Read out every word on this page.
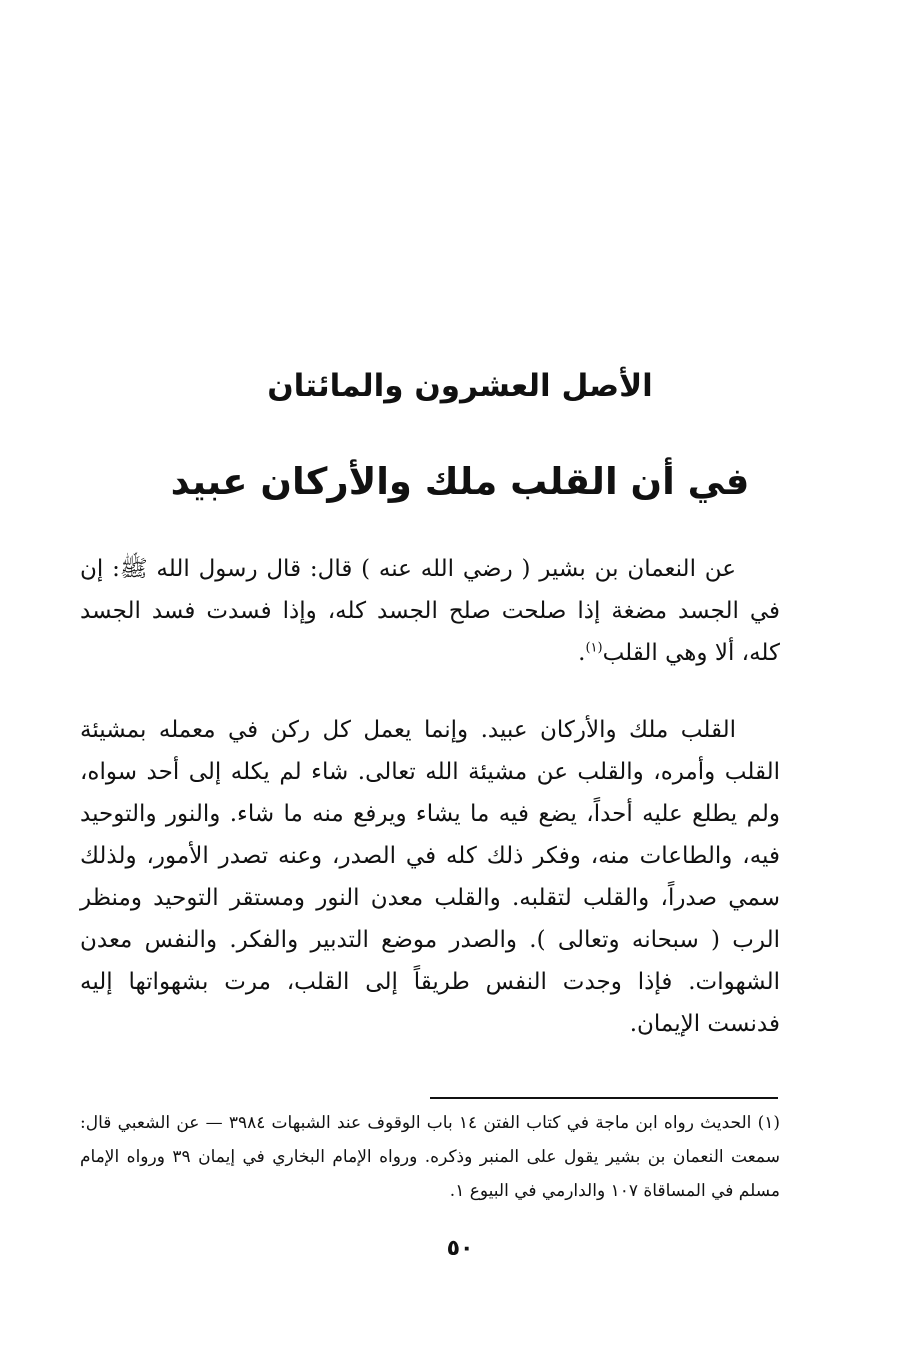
الأصل العشرون والمائتان
في أن القلب ملك والأركان عبيد
عن النعمان بن بشير ( رضي الله عنه ) قال: قال رسول الله ﷺ: إن في الجسد مضغة إذا صلحت صلح الجسد كله، وإذا فسدت فسد الجسد كله، ألا وهي القلب$^{(١)}$.
القلب ملك والأركان عبيد. وإنما يعمل كل ركن في معمله بمشيئة القلب وأمره، والقلب عن مشيئة الله تعالى. شاء لم يكله إلى أحد سواه، ولم يطلع عليه أحداً، يضع فيه ما يشاء ويرفع منه ما شاء. والنور والتوحيد فيه، والطاعات منه، وفكر ذلك كله في الصدر، وعنه تصدر الأمور، ولذلك سمي صدراً، والقلب لتقلبه. والقلب معدن النور ومستقر التوحيد ومنظر الرب ( سبحانه وتعالى ). والصدر موضع التدبير والفكر. والنفس معدن الشهوات. فإذا وجدت النفس طريقاً إلى القلب، مرت بشهواتها إليه فدنست الإيمان.
(١) الحديث رواه ابن ماجة في كتاب الفتن ١٤ باب الوقوف عند الشبهات ٣٩٨٤ — عن الشعبي قال: سمعت النعمان بن بشير يقول على المنبر وذكره. ورواه الإمام البخاري في إيمان ٣٩ ورواه الإمام مسلم في المساقاة ١٠٧ والدارمي في البيوع ١.
٥٠
